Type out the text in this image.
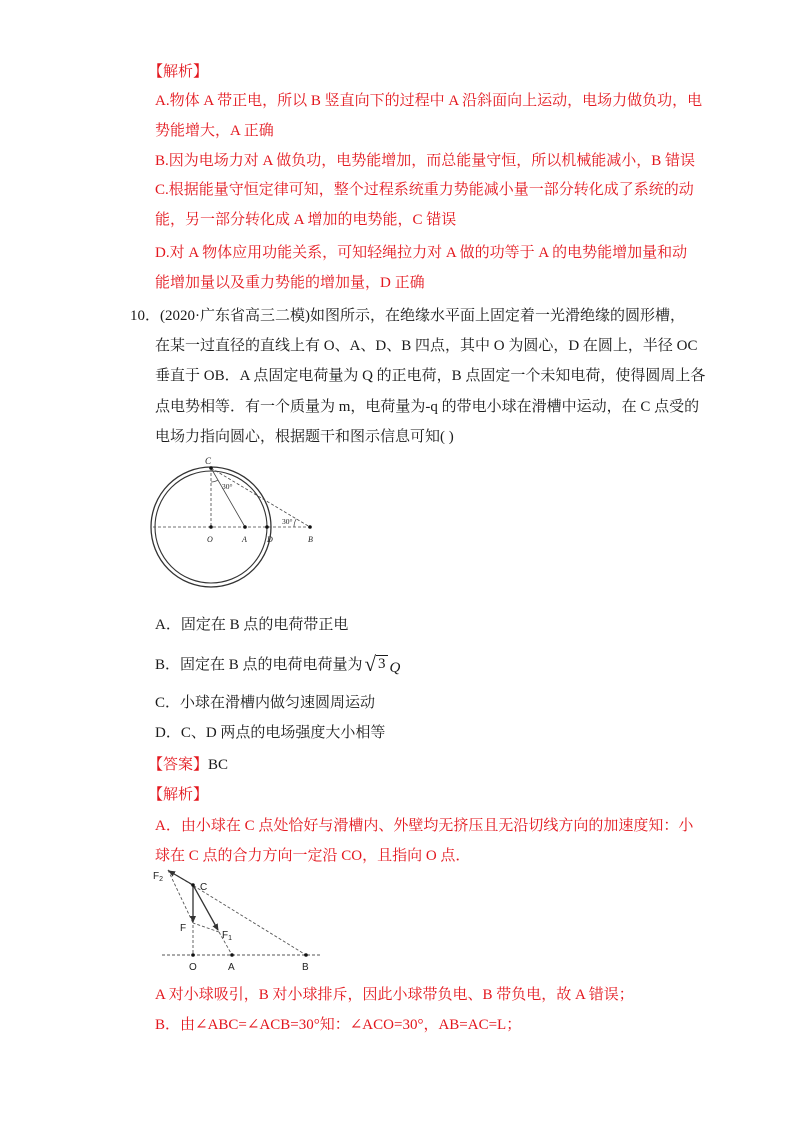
【解析】
A.物体 A 带正电，所以 B 竖直向下的过程中 A 沿斜面向上运动，电场力做负功，电
势能增大，A 正确
B.因为电场力对 A 做负功，电势能增加，而总能量守恒，所以机械能减小，B 错误
C.根据能量守恒定律可知，整个过程系统重力势能减小量一部分转化成了系统的动
能，另一部分转化成 A 增加的电势能，C 错误
D.对 A 物体应用功能关系，可知轻绳拉力对 A 做的功等于 A 的电势能增加量和动
能增加量以及重力势能的增加量，D 正确
10．(2020·广东省高三二模)如图所示，在绝缘水平面上固定着一光滑绝缘的圆形槽，
在某一过直径的直线上有 O、A、D、B 四点，其中 O 为圆心，D 在圆上，半径 OC
垂直于 OB．A 点固定电荷量为 Q 的正电荷，B 点固定一个未知电荷，使得圆周上各
点电势相等．有一个质量为 m，电荷量为-q 的带电小球在滑槽中运动，在 C 点受的
电场力指向圆心，根据题干和图示信息可知( )
C
O	A	D	B
30°
30°
A．固定在 B 点的电荷带正电
B．固定在 B 点的电荷电荷量为√ 3 Q
C．小球在滑槽内做匀速圆周运动
D．C、D 两点的电场强度大小相等
【答案】BC
【解析】
A．由小球在 C 点处恰好与滑槽内、外壁均无挤压且无沿切线方向的加速度知：小
球在 C 点的合力方向一定沿 CO，且指向 O 点．
$F_2$
C
F
$F_1$
O	A	B
A 对小球吸引，B 对小球排斥，因此小球带负电、B 带负电，故 A 错误；
B．由∠ABC=∠ACB=30°知：∠ACO=30°，AB=AC=L；
